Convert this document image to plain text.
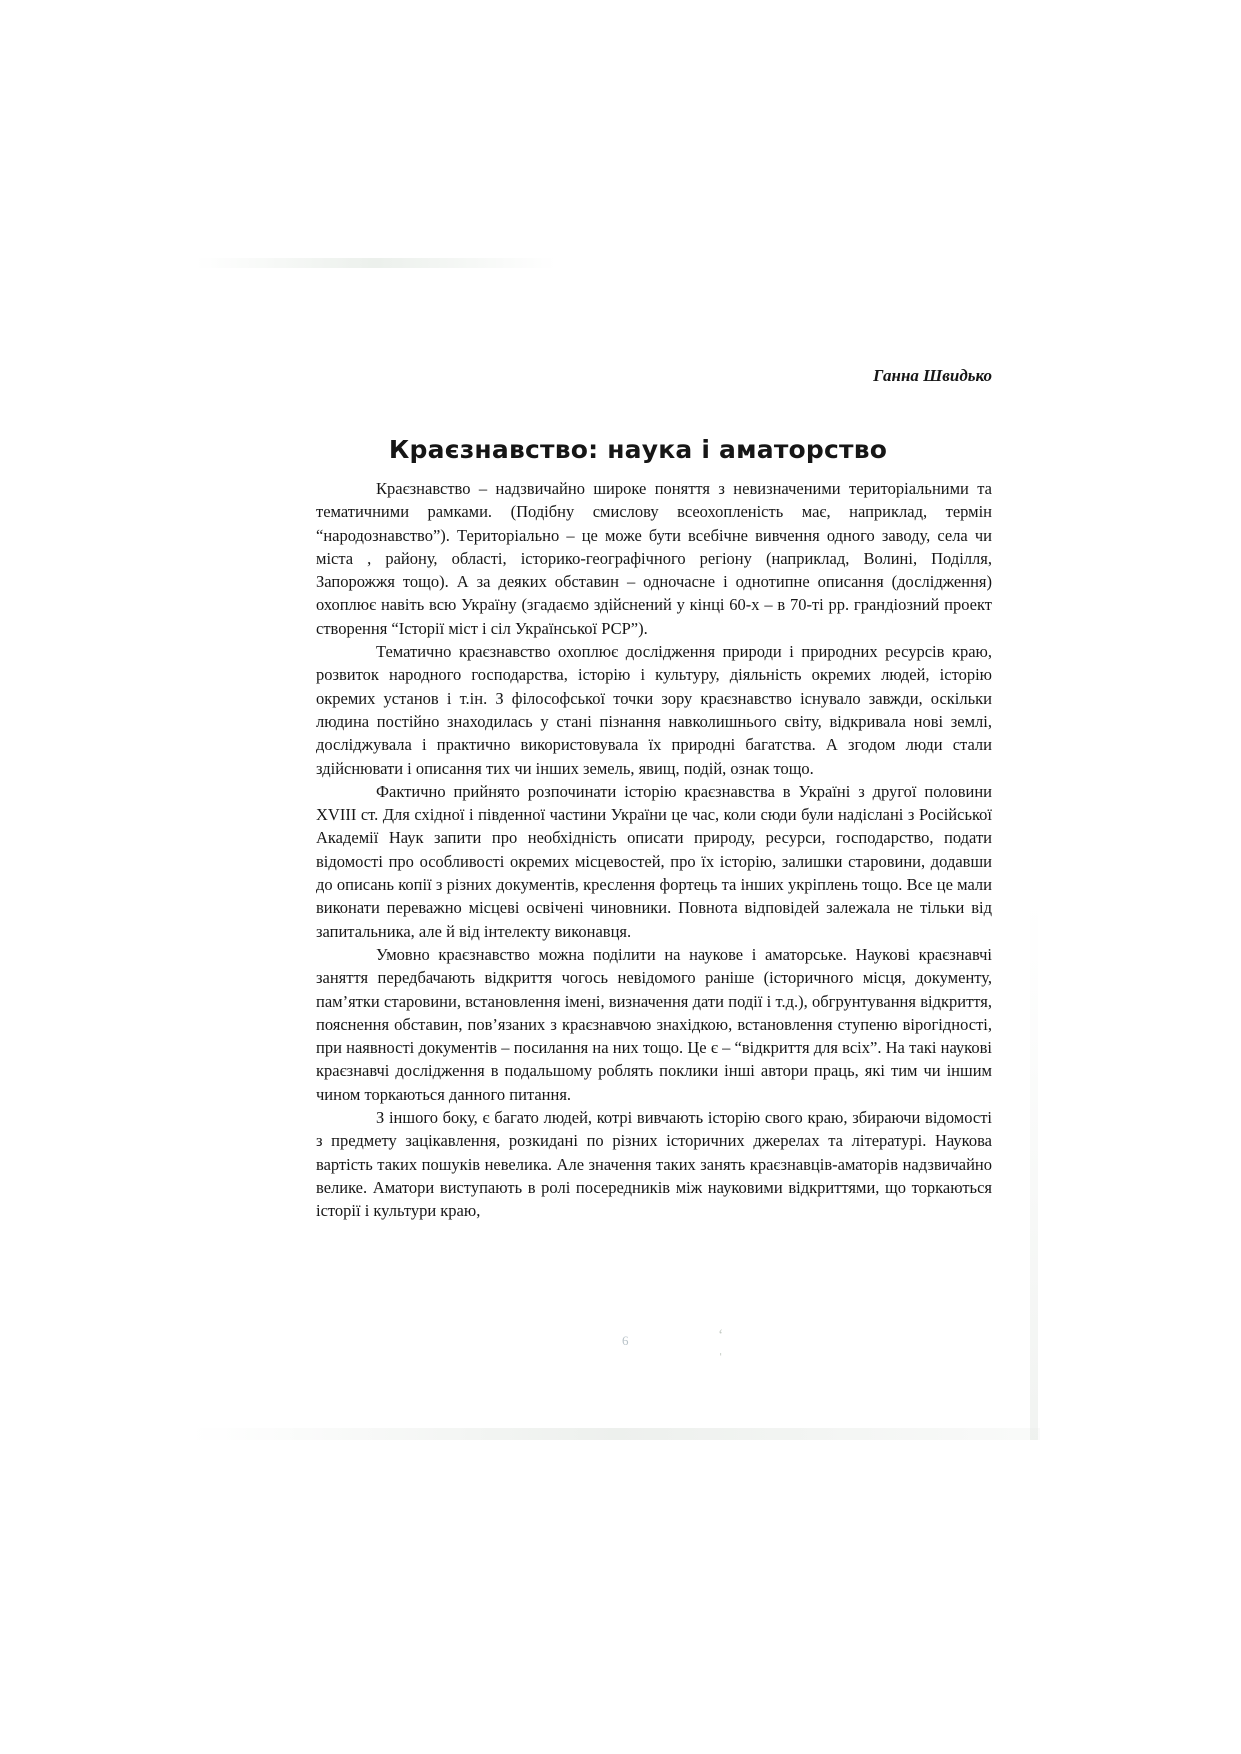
Ганна Швидько
Краєзнавство: наука і аматорство

Краєзнавство – надзвичайно широке поняття з невизначеними територіальними та тематичними рамками. (Подібну смислову всеохопленість має, наприклад, термін “народознавство”). Територіально – це може бути всебічне вивчення одного заводу, села чи міста , району, області, історико-географічного регіону (наприклад, Волині, Поділля, Запорожжя тощо). А за деяких обставин – одночасне і однотипне описання (дослідження) охоплює навіть всю Україну (згадаємо здійснений у кінці 60-х – в 70-ті рр. грандіозний проект створення “Історії міст і сіл Української РСР”).

Тематично краєзнавство охоплює дослідження природи і природних ресурсів краю, розвиток народного господарства, історію і культуру, діяльність окремих людей, історію окремих установ і т.ін. З філософської точки зору краєзнавство існувало завжди, оскільки людина постійно знаходилась у стані пізнання навколишнього світу, відкривала нові землі, досліджувала і практично використовувала їх природні багатства. А згодом люди стали здійснювати і описання тих чи інших земель, явищ, подій, ознак тощо.

Фактично прийнято розпочинати історію краєзнавства в Україні з другої половини XVIII ст. Для східної і південної частини України це час, коли сюди були надіслані з Російської Академії Наук запити про необхідність описати природу, ресурси, господарство, подати відомості про особливості окремих місцевостей, про їх історію, залишки старовини, додавши до описань копії з різних документів, креслення фортець та інших укріплень тощо. Все це мали виконати переважно місцеві освічені чиновники. Повнота відповідей залежала не тільки від запитальника, але й від інтелекту виконавця.

Умовно краєзнавство можна поділити на наукове і аматорське. Наукові краєзнавчі заняття передбачають відкриття чогось невідомого раніше (історичного місця, документу, пам’ятки старовини, встановлення імені, визначення дати події і т.д.), обгрунтування відкриття, пояснення обставин, пов’язаних з краєзнавчою знахідкою, встановлення ступеню вірогідності, при наявності документів – посилання на них тощо. Це є – “відкриття для всіх”. На такі наукові краєзнавчі дослідження в подальшому роблять поклики інші автори праць, які тим чи іншим чином торкаються данного питання.

З іншого боку, є багато людей, котрі вивчають історію свого краю, збираючи відомості з предмету зацікавлення, розкидані по різних історичних джерелах та літературі. Наукова вартість таких пошуків невелика. Але значення таких занять краєзнавців-аматорів надзвичайно велике. Аматори виступають в ролі посередників між науковими відкриттями, що торкаються історії і культури краю,

6	ʻ
ˌ
